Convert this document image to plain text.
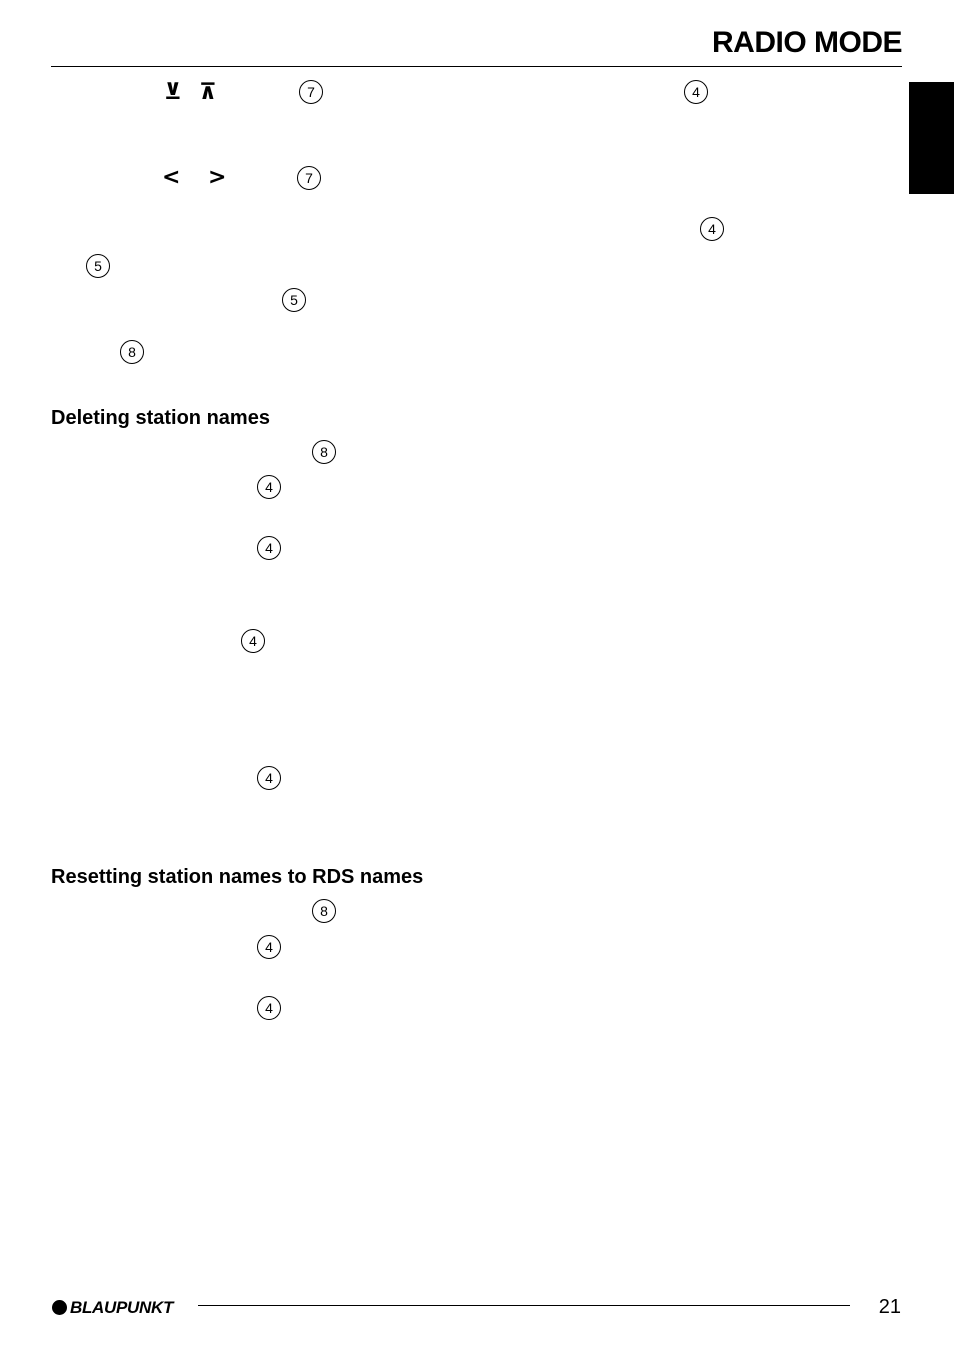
RADIO MODE
⊻ ⊼
< >
7	4
7
4
5
5
8
Deleting station names
8
4
4
4
4
Resetting station names to RDS names
8
4
4
BLAUPUNKT	21
